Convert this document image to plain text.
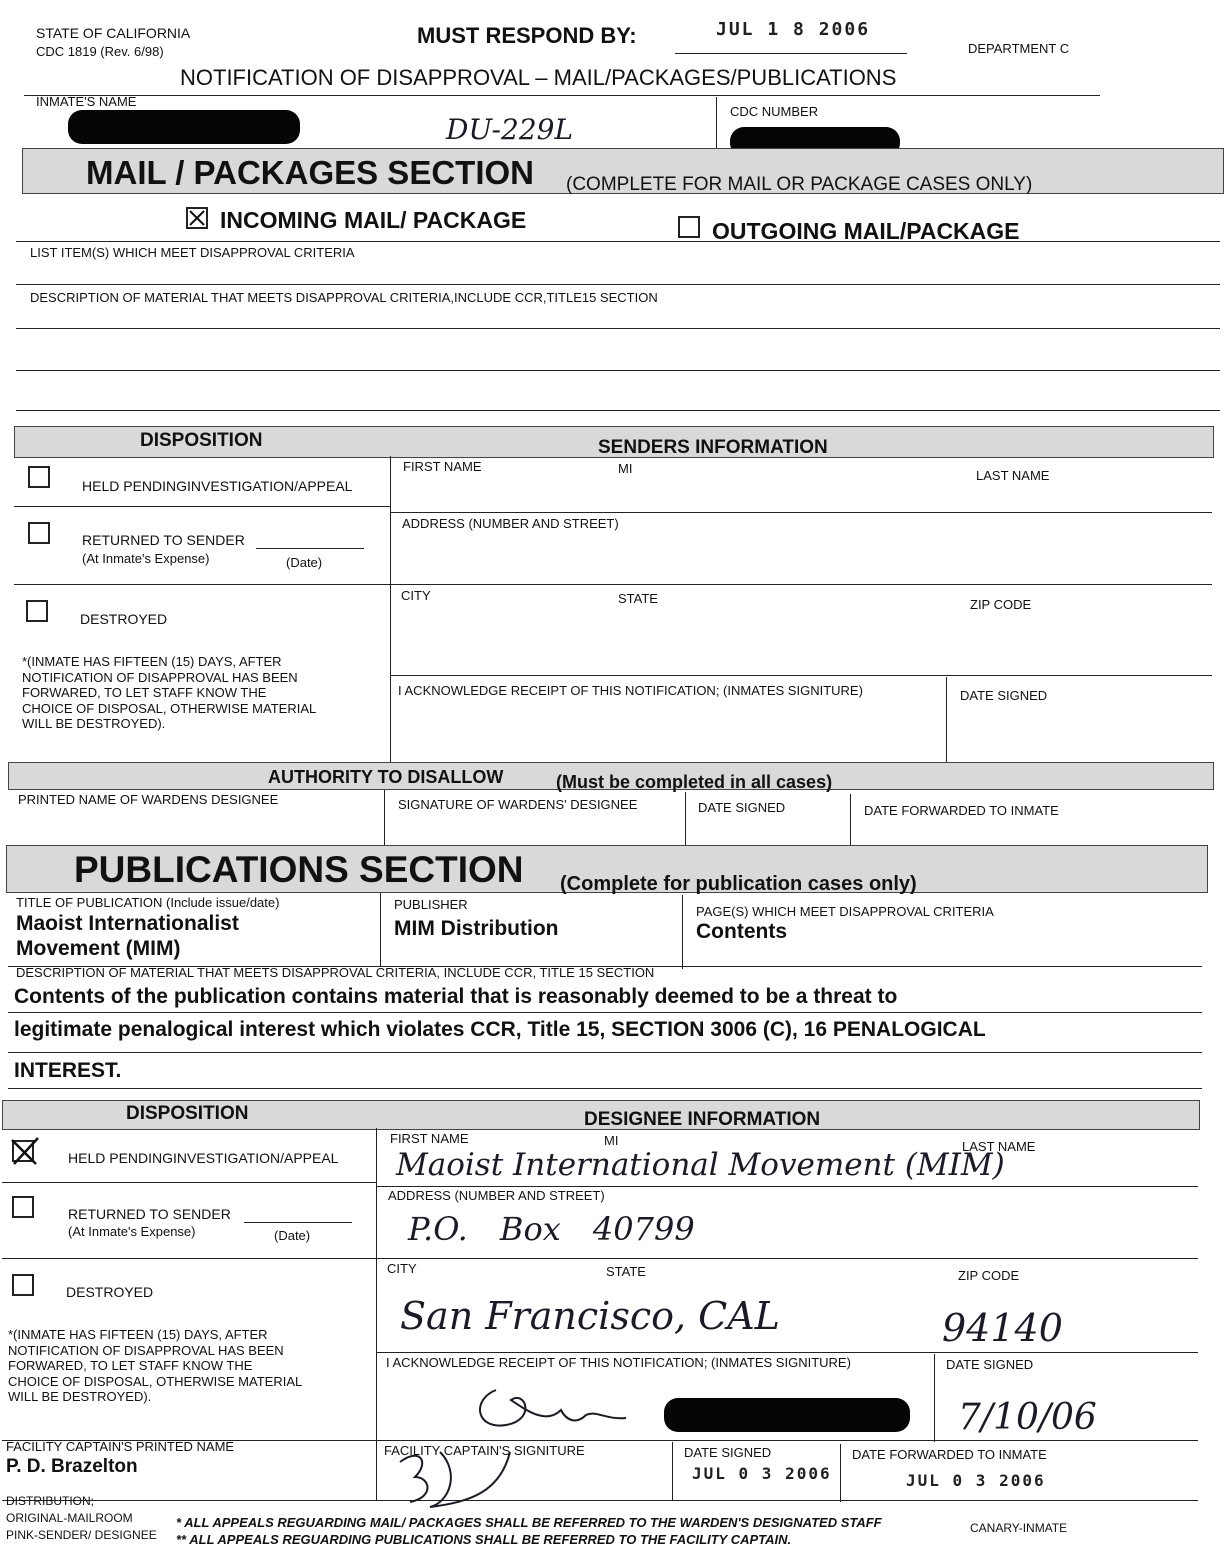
STATE OF CALIFORNIA
CDC 1819 (Rev. 6/98)
MUST RESPOND BY:	JUL 1 8 2006
DEPARTMENT C
NOTIFICATION OF DISAPPROVAL – MAIL/PACKAGES/PUBLICATIONS
INMATE'S NAME
DU-229L
CDC NUMBER
MAIL / PACKAGES SECTION (COMPLETE FOR MAIL OR PACKAGE CASES ONLY)
INCOMING MAIL/ PACKAGE	OUTGOING MAIL/PACKAGE
LIST ITEM(S) WHICH MEET DISAPPROVAL CRITERIA
DESCRIPTION OF MATERIAL THAT MEETS DISAPPROVAL CRITERIA,INCLUDE CCR,TITLE15 SECTION
DISPOSITION	SENDERS INFORMATION
HELD PENDINGINVESTIGATION/APPEAL
RETURNED TO SENDER
(At Inmate's Expense)	(Date)
DESTROYED
*(INMATE HAS FIFTEEN (15) DAYS, AFTER
NOTIFICATION OF DISAPPROVAL HAS BEEN
FORWARED, TO LET STAFF KNOW THE
CHOICE OF DISPOSAL, OTHERWISE MATERIAL
WILL BE DESTROYED).
FIRST NAME	MI	LAST NAME
ADDRESS (NUMBER AND STREET)
CITY	STATE	ZIP CODE
I ACKNOWLEDGE RECEIPT OF THIS NOTIFICATION; (INMATES SIGNITURE)	DATE SIGNED
AUTHORITY TO DISALLOW	(Must be completed in all cases)
PRINTED NAME OF WARDENS DESIGNEE	SIGNATURE OF WARDENS' DESIGNEE	DATE SIGNED	DATE FORWARDED TO INMATE
PUBLICATIONS SECTION (Complete for publication cases only)
TITLE OF PUBLICATION (Include issue/date)
Maoist Internationalist
Movement (MIM)
PUBLISHER
MIM Distribution
PAGE(S) WHICH MEET DISAPPROVAL CRITERIA
Contents
DESCRIPTION OF MATERIAL THAT MEETS DISAPPROVAL CRITERIA, INCLUDE CCR, TITLE 15 SECTION
Contents of the publication contains material that is reasonably deemed to be a threat to
legitimate penalogical interest which violates CCR, Title 15, SECTION 3006 (C), 16 PENALOGICAL
INTEREST.
DISPOSITION	DESIGNEE INFORMATION
HELD PENDINGINVESTIGATION/APPEAL
RETURNED TO SENDER
(At Inmate's Expense)	(Date)
DESTROYED
*(INMATE HAS FIFTEEN (15) DAYS, AFTER
NOTIFICATION OF DISAPPROVAL HAS BEEN
FORWARED, TO LET STAFF KNOW THE
CHOICE OF DISPOSAL, OTHERWISE MATERIAL
WILL BE DESTROYED).
FIRST NAME	MI	LAST NAME
Maoist International Movement (MIM)
ADDRESS (NUMBER AND STREET)
P.O. Box 40799
CITY	STATE	ZIP CODE
San Francisco, CAL	94140
I ACKNOWLEDGE RECEIPT OF THIS NOTIFICATION; (INMATES SIGNITURE)	DATE SIGNED
7/10/06
FACILITY CAPTAIN'S PRINTED NAME
P. D. Brazelton
FACILITY CAPTAIN'S SIGNITURE	DATE SIGNED
JUL 0 3 2006
DATE FORWARDED TO INMATE
JUL 0 3 2006
DISTRIBUTION;
ORIGINAL-MAILROOM
PINK-SENDER/ DESIGNEE
* ALL APPEALS REGUARDING MAIL/ PACKAGES SHALL BE REFERRED TO THE WARDEN'S DESIGNATED STAFF	CANARY-INMATE
** ALL APPEALS REGUARDING PUBLICATIONS SHALL BE REFERRED TO THE FACILITY CAPTAIN.
